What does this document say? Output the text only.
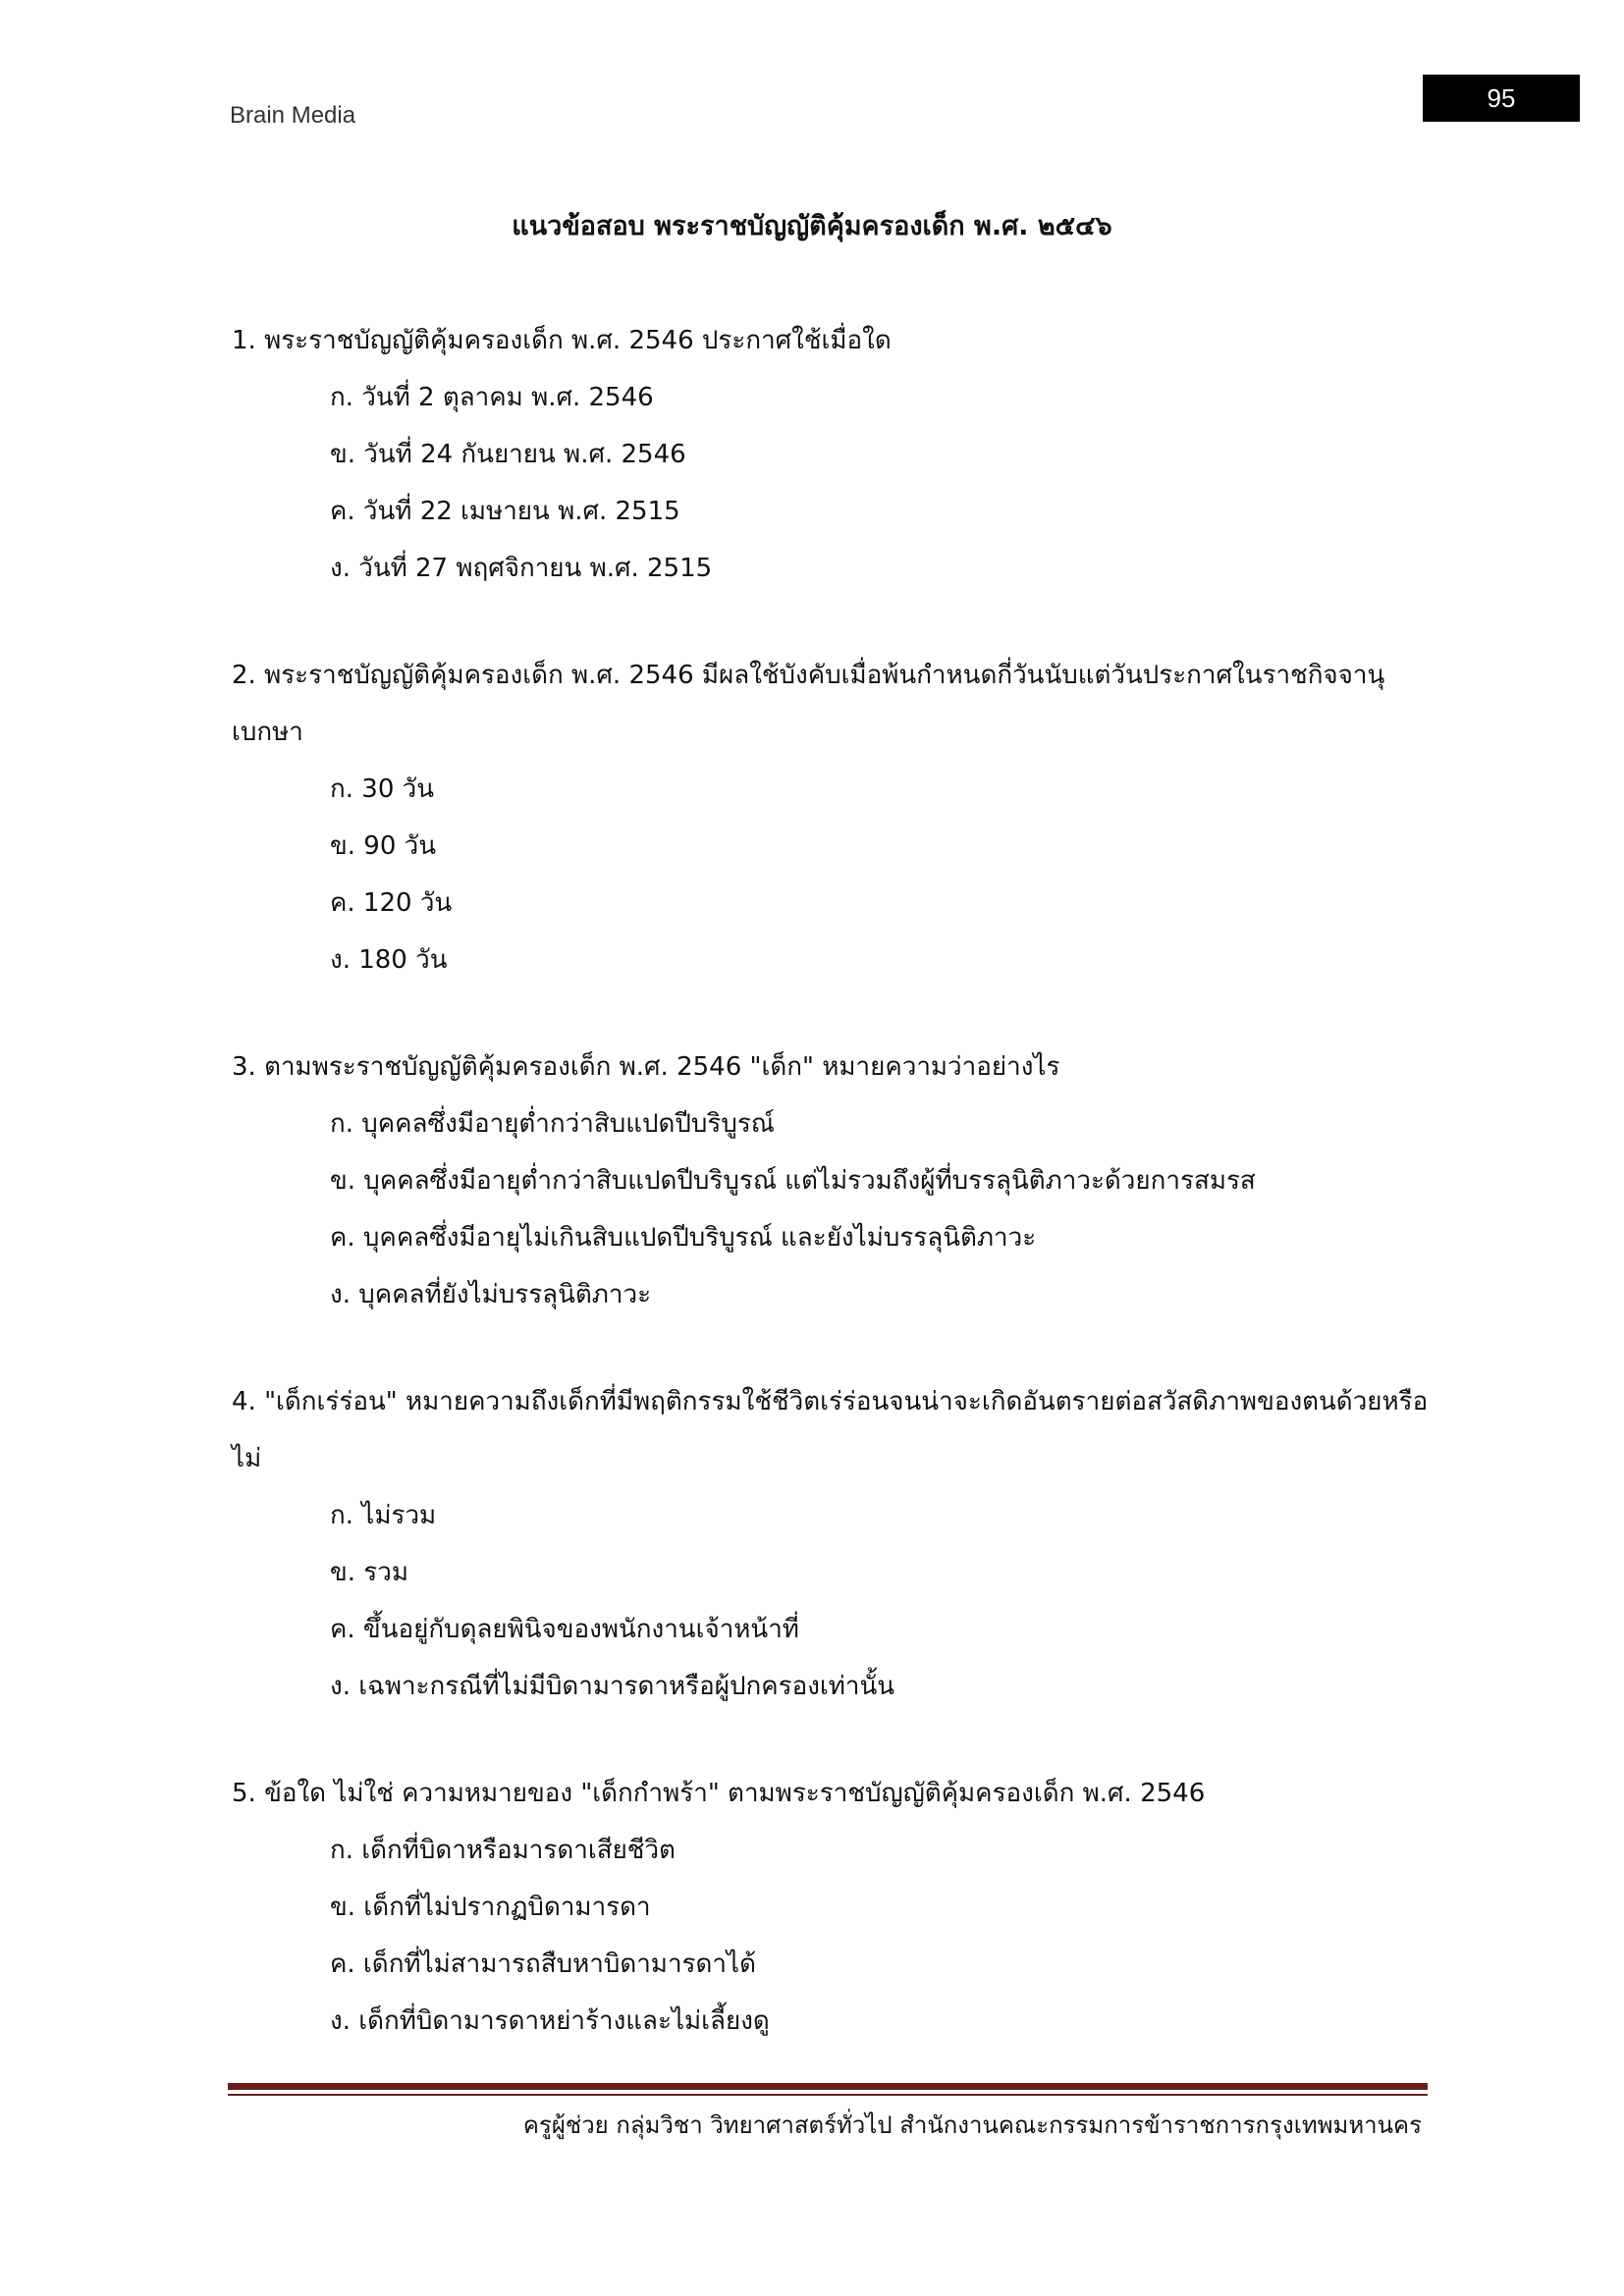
Brain Media
95
แนวข้อสอบ พระราชบัญญัติคุ้มครองเด็ก พ.ศ. ๒๕๔๖

1. พระราชบัญญัติคุ้มครองเด็ก พ.ศ. 2546 ประกาศใช้เมื่อใด

ก. วันที่ 2 ตุลาคม พ.ศ. 2546

ข. วันที่ 24 กันยายน พ.ศ. 2546

ค. วันที่ 22 เมษายน พ.ศ. 2515

ง. วันที่ 27 พฤศจิกายน พ.ศ. 2515

2. พระราชบัญญัติคุ้มครองเด็ก พ.ศ. 2546 มีผลใช้บังคับเมื่อพ้นกำหนดกี่วันนับแต่วันประกาศในราชกิจจานุเบกษา

ก. 30 วัน

ข. 90 วัน

ค. 120 วัน

ง. 180 วัน

3. ตามพระราชบัญญัติคุ้มครองเด็ก พ.ศ. 2546 "เด็ก" หมายความว่าอย่างไร

ก. บุคคลซึ่งมีอายุต่ำกว่าสิบแปดปีบริบูรณ์

ข. บุคคลซึ่งมีอายุต่ำกว่าสิบแปดปีบริบูรณ์ แต่ไม่รวมถึงผู้ที่บรรลุนิติภาวะด้วยการสมรส

ค. บุคคลซึ่งมีอายุไม่เกินสิบแปดปีบริบูรณ์ และยังไม่บรรลุนิติภาวะ

ง. บุคคลที่ยังไม่บรรลุนิติภาวะ

4. "เด็กเร่ร่อน" หมายความถึงเด็กที่มีพฤติกรรมใช้ชีวิตเร่ร่อนจนน่าจะเกิดอันตรายต่อสวัสดิภาพของตนด้วยหรือไม่

ก. ไม่รวม

ข. รวม

ค. ขึ้นอยู่กับดุลยพินิจของพนักงานเจ้าหน้าที่

ง. เฉพาะกรณีที่ไม่มีบิดามารดาหรือผู้ปกครองเท่านั้น

5. ข้อใด ไม่ใช่ ความหมายของ "เด็กกำพร้า" ตามพระราชบัญญัติคุ้มครองเด็ก พ.ศ. 2546

ก. เด็กที่บิดาหรือมารดาเสียชีวิต

ข. เด็กที่ไม่ปรากฏบิดามารดา

ค. เด็กที่ไม่สามารถสืบหาบิดามารดาได้

ง. เด็กที่บิดามารดาหย่าร้างและไม่เลี้ยงดู

ครูผู้ช่วย กลุ่มวิชา วิทยาศาสตร์ทั่วไป สำนักงานคณะกรรมการข้าราชการกรุงเทพมหานคร
